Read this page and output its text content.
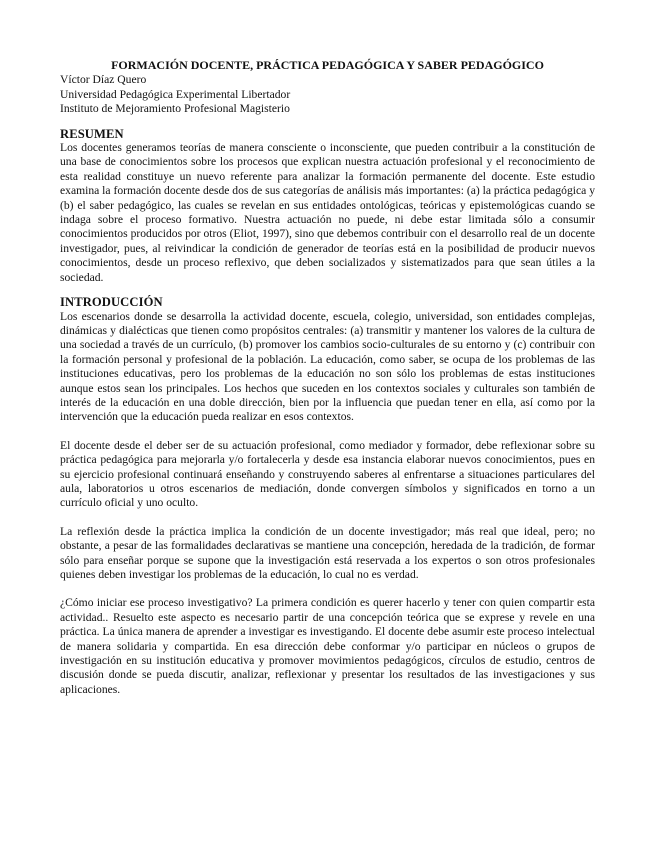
FORMACIÓN DOCENTE, PRÁCTICA PEDAGÓGICA Y SABER PEDAGÓGICO

Víctor Díaz Quero

Universidad Pedagógica Experimental Libertador

Instituto de Mejoramiento Profesional Magisterio

RESUMEN

Los docentes generamos teorías de manera consciente o inconsciente, que pueden contribuir a la constitución de una base de conocimientos sobre los procesos que explican nuestra actuación profesional y el reconocimiento de esta realidad constituye un nuevo referente para analizar la formación permanente del docente. Este estudio examina la formación docente desde dos de sus categorías de análisis más importantes: (a) la práctica pedagógica y (b) el saber pedagógico, las cuales se revelan en sus entidades ontológicas, teóricas y epistemológicas cuando se indaga sobre el proceso formativo. Nuestra actuación no puede, ni debe estar limitada sólo a consumir conocimientos producidos por otros (Eliot, 1997), sino que debemos contribuir con el desarrollo real de un docente investigador, pues, al reivindicar la condición de generador de teorías está en la posibilidad de producir nuevos conocimientos, desde un proceso reflexivo, que deben socializados y sistematizados para que sean útiles a la sociedad.

INTRODUCCIÓN

Los escenarios donde se desarrolla la actividad docente, escuela, colegio, universidad, son entidades complejas, dinámicas y dialécticas que tienen como propósitos centrales: (a) transmitir y mantener los valores de la cultura de una sociedad a través de un currículo, (b) promover los cambios socio-culturales de su entorno y (c) contribuir con la formación personal y profesional de la población. La educación, como saber, se ocupa de los problemas de las instituciones educativas, pero los problemas de la educación no son sólo los problemas de estas instituciones aunque estos sean los principales. Los hechos que suceden en los contextos sociales y culturales son también de interés de la educación en una doble dirección, bien por la influencia que puedan tener en ella, así como por la intervención que la educación pueda realizar en esos contextos.

El docente desde el deber ser de su actuación profesional, como mediador y formador, debe reflexionar sobre su práctica pedagógica para mejorarla y/o fortalecerla y desde esa instancia elaborar nuevos conocimientos, pues en su ejercicio profesional continuará enseñando y construyendo saberes al enfrentarse a situaciones particulares del aula, laboratorios u otros escenarios de mediación, donde convergen símbolos y significados en torno a un currículo oficial y uno oculto.

La reflexión desde la práctica implica la condición de un docente investigador; más real que ideal, pero; no obstante, a pesar de las formalidades declarativas se mantiene una concepción, heredada de la tradición, de formar sólo para enseñar porque se supone que la investigación está reservada a los expertos o son otros profesionales quienes deben investigar los problemas de la educación, lo cual no es verdad.

¿Cómo iniciar ese proceso investigativo? La primera condición es querer hacerlo y tener con quien compartir esta actividad.. Resuelto este aspecto es necesario partir de una concepción teórica que se exprese y revele en una práctica. La única manera de aprender a investigar es investigando. El docente debe asumir este proceso intelectual de manera solidaria y compartida. En esa dirección debe conformar y/o participar en núcleos o grupos de investigación en su institución educativa y promover movimientos pedagógicos, círculos de estudio, centros de discusión donde se pueda discutir, analizar, reflexionar y presentar los resultados de las investigaciones y sus aplicaciones.
